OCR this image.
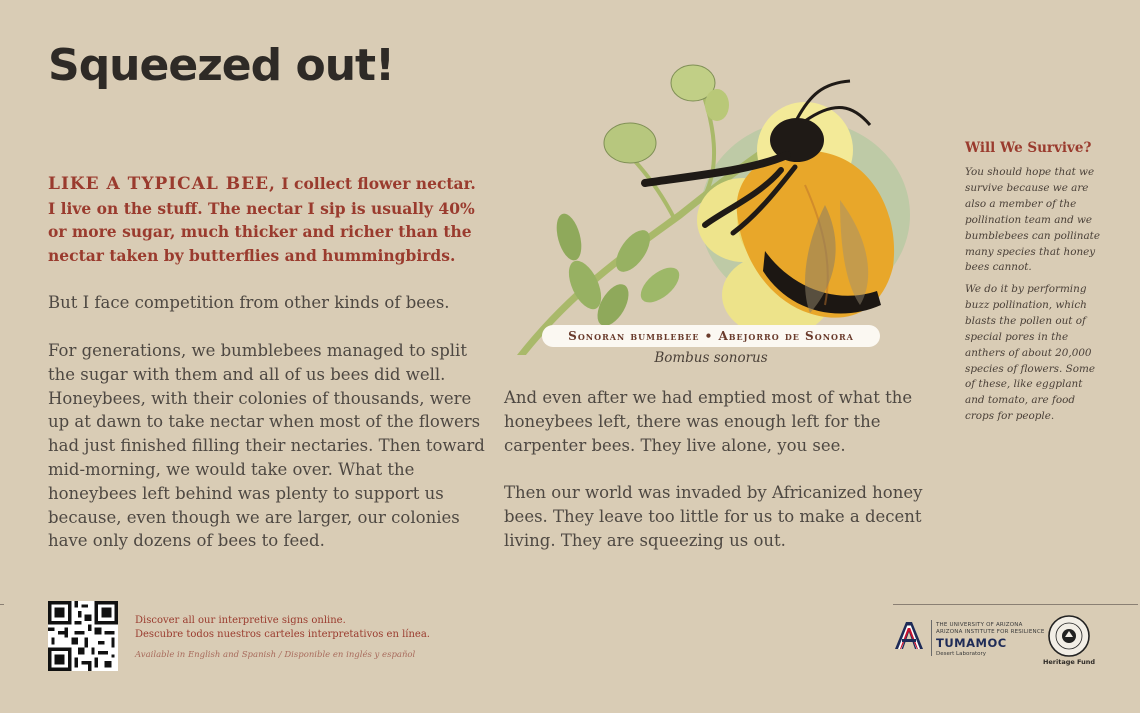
Squeezed out!

LIKE A TYPICAL BEE, I collect flower nectar. I live on the stuff. The nectar I sip is usually 40% or more sugar, much thicker and richer than the nectar taken by butterflies and hummingbirds.

But I face competition from other kinds of bees.

For generations, we bumblebees managed to split the sugar with them and all of us bees did well. Honeybees, with their colonies of thousands, were up at dawn to take nectar when most of the flowers had just finished filling their nectaries. Then toward mid-morning, we would take over. What the honeybees left behind was plenty to support us because, even though we are larger, our colonies have only dozens of bees to feed.

And even after we had emptied most of what the honeybees left, there was enough left for the carpenter bees. They live alone, you see.

Then our world was invaded by Africanized honey bees. They leave too little for us to make a decent living. They are squeezing us out.

Sonoran bumblebee • Abejorro de Sonora
Bombus sonorus
Will We Survive?

You should hope that we survive because we are also a member of the pollination team and we bumblebees can pollinate many species that honey bees cannot.

We do it by performing buzz pollination, which blasts the pollen out of special pores in the anthers of about 20,000 species of flowers. Some of these, like eggplant and tomato, are food crops for people.

Discover all our interpretive signs online.
Descubre todos nuestros carteles interpretativos en línea.
Available in English and Spanish / Disponible en inglés y español
THE UNIVERSITY OF ARIZONA
ARIZONA INSTITUTE FOR RESILIENCE
TUMAMOC
Desert Laboratory
Heritage Fund
